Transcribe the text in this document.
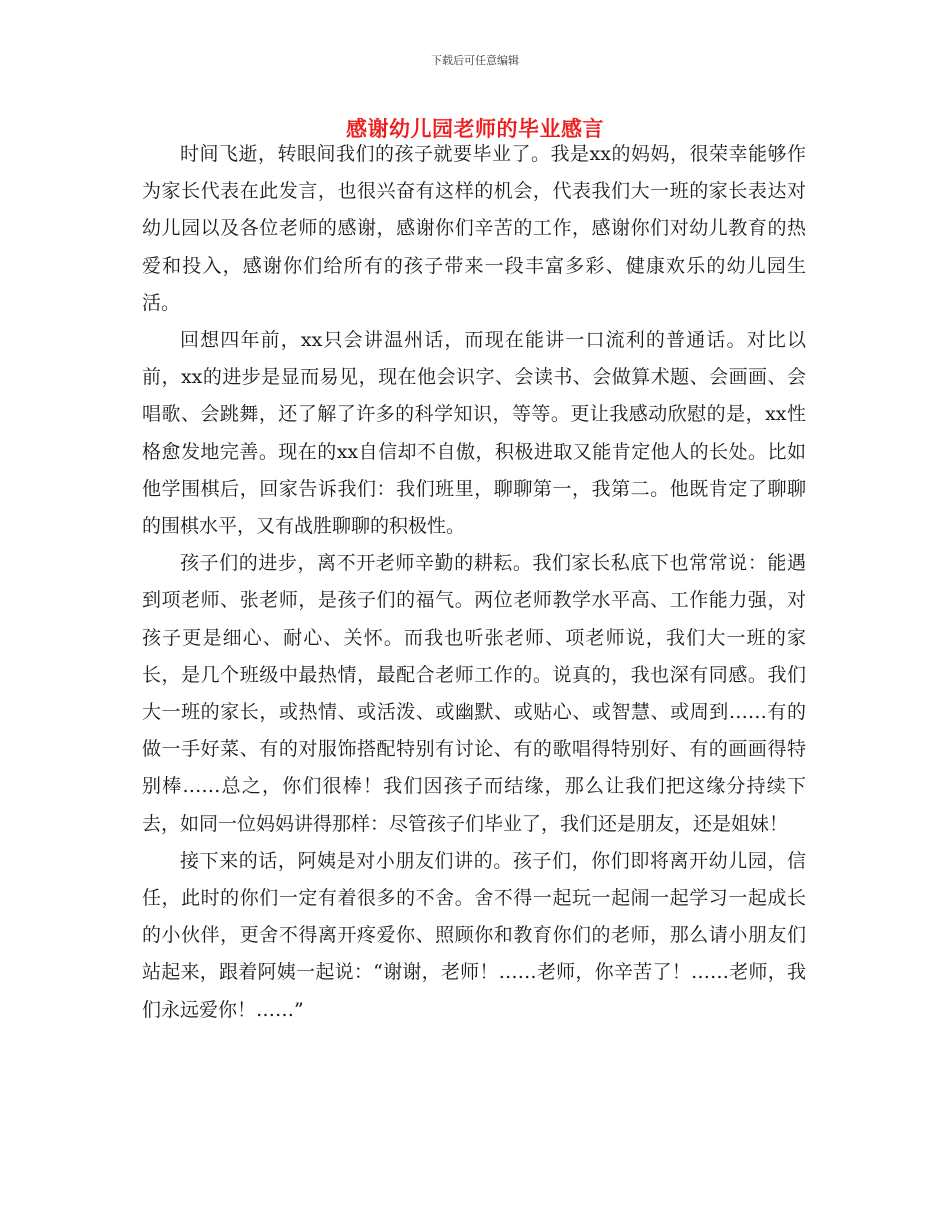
下载后可任意编辑
感谢幼儿园老师的毕业感言

时间飞逝，转眼间我们的孩子就要毕业了。我是xx的妈妈，很荣幸能够作为家长代表在此发言，也很兴奋有这样的机会，代表我们大一班的家长表达对幼儿园以及各位老师的感谢，感谢你们辛苦的工作，感谢你们对幼儿教育的热爱和投入，感谢你们给所有的孩子带来一段丰富多彩、健康欢乐的幼儿园生活。

回想四年前，xx只会讲温州话，而现在能讲一口流利的普通话。对比以前，xx的进步是显而易见，现在他会识字、会读书、会做算术题、会画画、会唱歌、会跳舞，还了解了许多的科学知识，等等。更让我感动欣慰的是，xx性格愈发地完善。现在的xx自信却不自傲，积极进取又能肯定他人的长处。比如他学围棋后，回家告诉我们：我们班里，聊聊第一，我第二。他既肯定了聊聊的围棋水平，又有战胜聊聊的积极性。

孩子们的进步，离不开老师辛勤的耕耘。我们家长私底下也常常说：能遇到项老师、张老师，是孩子们的福气。两位老师教学水平高、工作能力强，对孩子更是细心、耐心、关怀。而我也听张老师、项老师说，我们大一班的家长，是几个班级中最热情，最配合老师工作的。说真的，我也深有同感。我们大一班的家长，或热情、或活泼、或幽默、或贴心、或智慧、或周到……有的做一手好菜、有的对服饰搭配特别有讨论、有的歌唱得特别好、有的画画得特别棒……总之，你们很棒！我们因孩子而结缘，那么让我们把这缘分持续下去，如同一位妈妈讲得那样：尽管孩子们毕业了，我们还是朋友，还是姐妹！

接下来的话，阿姨是对小朋友们讲的。孩子们，你们即将离开幼儿园，信任，此时的你们一定有着很多的不舍。舍不得一起玩一起闹一起学习一起成长的小伙伴，更舍不得离开疼爱你、照顾你和教育你们的老师，那么请小朋友们站起来，跟着阿姨一起说：“谢谢，老师！……老师，你辛苦了！……老师，我们永远爱你！……”
